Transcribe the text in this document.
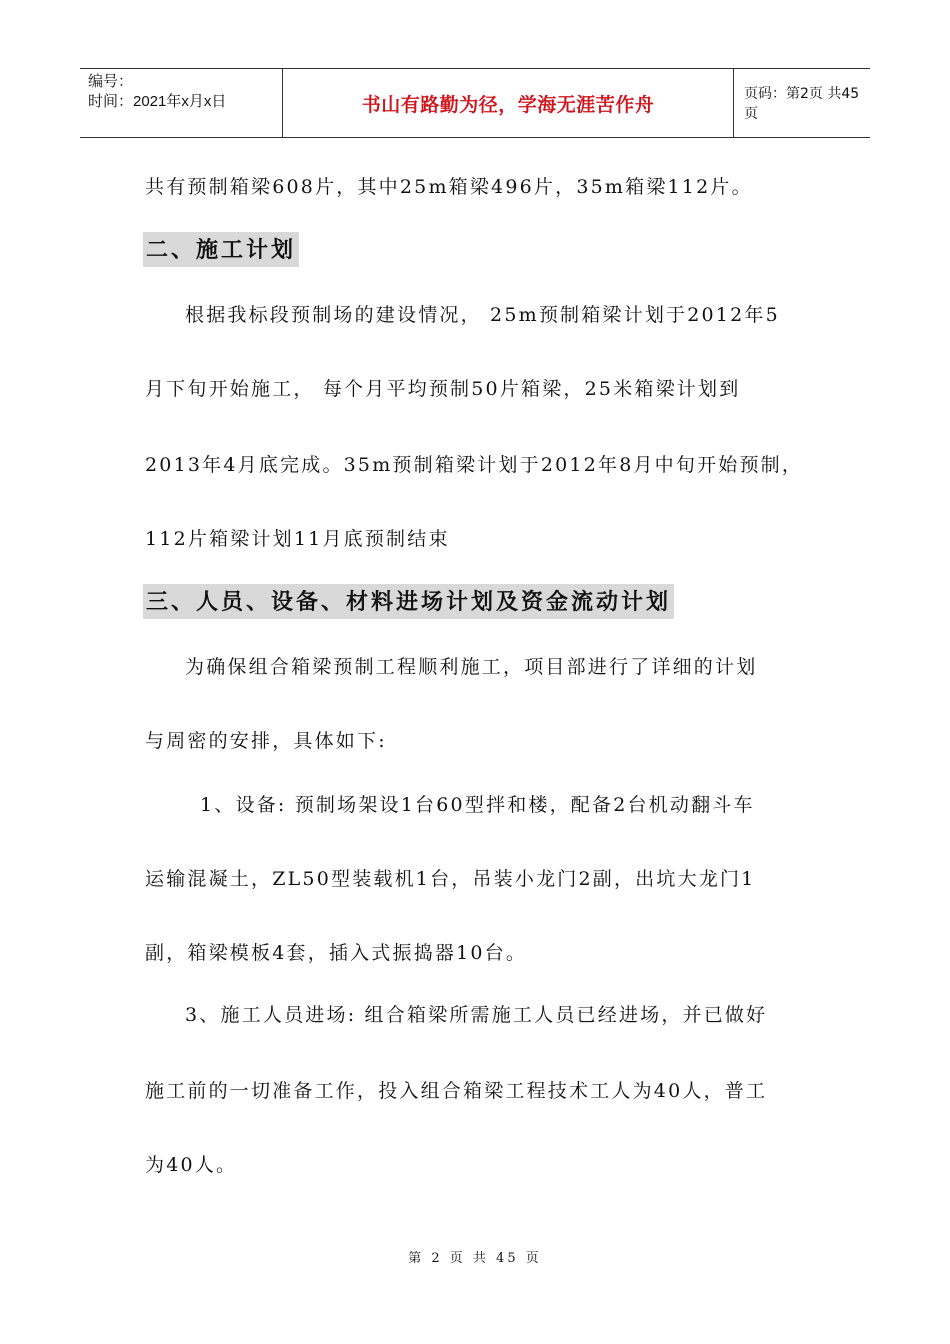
编号：
时间：2021年x月x日	书山有路勤为径，学海无涯苦作舟	页码：第2页 共45页
共有预制箱梁608片，其中25m箱梁496片，35m箱梁112片。
二、施工计划
根据我标段预制场的建设情况， 25m预制箱梁计划于2012年5
月下旬开始施工， 每个月平均预制50片箱梁，25米箱梁计划到
2013年4月底完成。35m预制箱梁计划于2012年8月中旬开始预制，
112片箱梁计划11月底预制结束
三、人员、设备、材料进场计划及资金流动计划
为确保组合箱梁预制工程顺利施工，项目部进行了详细的计划
与周密的安排，具体如下:
1、设备: 预制场架设1台60型拌和楼，配备2台机动翻斗车
运输混凝土，ZL50型装载机1台，吊装小龙门2副，出坑大龙门1
副，箱梁模板4套，插入式振捣器10台。
3、施工人员进场: 组合箱梁所需施工人员已经进场，并已做好
施工前的一切准备工作，投入组合箱梁工程技术工人为40人，普工
为40人。
第 2 页 共 45 页
